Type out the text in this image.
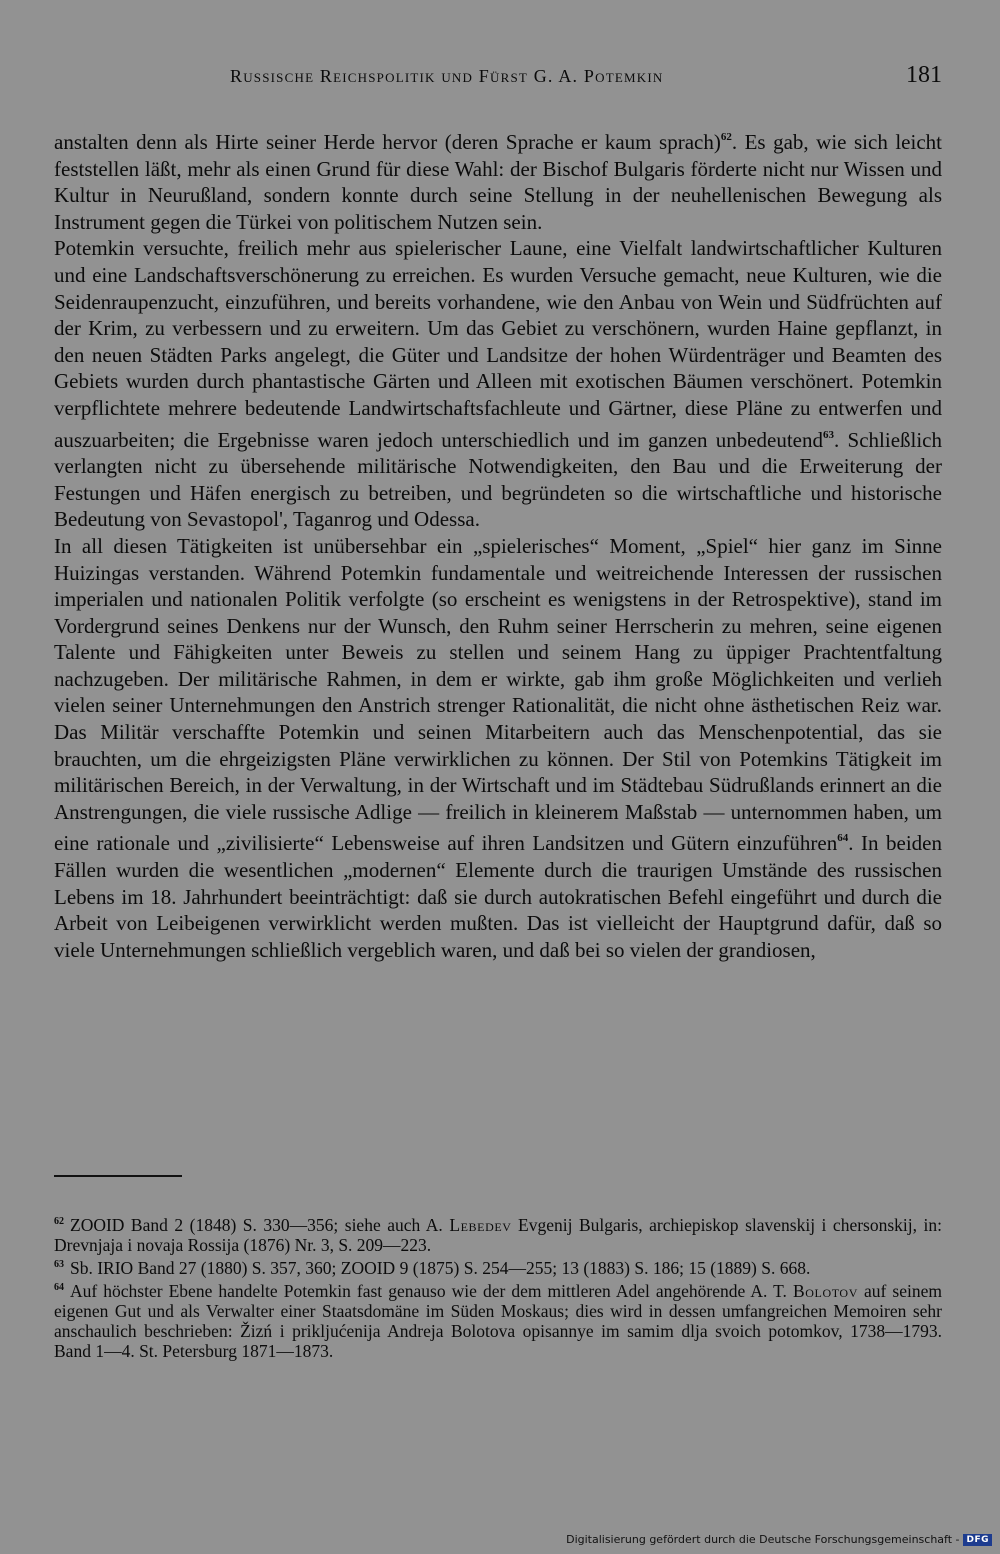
Russische Reichspolitik und Fürst G. A. Potemkin	181

anstalten denn als Hirte seiner Herde hervor (deren Sprache er kaum sprach)$^{62}$. Es gab, wie sich leicht feststellen läßt, mehr als einen Grund für diese Wahl: der Bischof Bulgaris förderte nicht nur Wissen und Kultur in Neurußland, sondern konnte durch seine Stellung in der neuhellenischen Bewegung als Instrument gegen die Türkei von politischem Nutzen sein.

Potemkin versuchte, freilich mehr aus spielerischer Laune, eine Vielfalt landwirtschaftlicher Kulturen und eine Landschaftsverschönerung zu erreichen. Es wurden Versuche gemacht, neue Kulturen, wie die Seidenraupenzucht, einzuführen, und bereits vorhandene, wie den Anbau von Wein und Südfrüchten auf der Krim, zu verbessern und zu erweitern. Um das Gebiet zu verschönern, wurden Haine gepflanzt, in den neuen Städten Parks angelegt, die Güter und Landsitze der hohen Würdenträger und Beamten des Gebiets wurden durch phantastische Gärten und Alleen mit exotischen Bäumen verschönert. Potemkin verpflichtete mehrere bedeutende Landwirtschaftsfachleute und Gärtner, diese Pläne zu entwerfen und auszuarbeiten; die Ergebnisse waren jedoch unterschiedlich und im ganzen unbedeutend$^{63}$. Schließlich verlangten nicht zu übersehende militärische Notwendigkeiten, den Bau und die Erweiterung der Festungen und Häfen energisch zu betreiben, und begründeten so die wirtschaftliche und historische Bedeutung von Sevastopol', Taganrog und Odessa.

In all diesen Tätigkeiten ist unübersehbar ein „spielerisches“ Moment, „Spiel“ hier ganz im Sinne Huizingas verstanden. Während Potemkin fundamentale und weitreichende Interessen der russischen imperialen und nationalen Politik verfolgte (so erscheint es wenigstens in der Retrospektive), stand im Vordergrund seines Denkens nur der Wunsch, den Ruhm seiner Herrscherin zu mehren, seine eigenen Talente und Fähigkeiten unter Beweis zu stellen und seinem Hang zu üppiger Prachtentfaltung nachzugeben. Der militärische Rahmen, in dem er wirkte, gab ihm große Möglichkeiten und verlieh vielen seiner Unternehmungen den Anstrich strenger Rationalität, die nicht ohne ästhetischen Reiz war. Das Militär verschaffte Potemkin und seinen Mitarbeitern auch das Menschenpotential, das sie brauchten, um die ehrgeizigsten Pläne verwirklichen zu können. Der Stil von Potemkins Tätigkeit im militärischen Bereich, in der Verwaltung, in der Wirtschaft und im Städtebau Südrußlands erinnert an die Anstrengungen, die viele russische Adlige — freilich in kleinerem Maßstab — unternommen haben, um eine rationale und „zivilisierte“ Lebensweise auf ihren Landsitzen und Gütern einzuführen$^{64}$. In beiden Fällen wurden die wesentlichen „modernen“ Elemente durch die traurigen Umstände des russischen Lebens im 18. Jahrhundert beeinträchtigt: daß sie durch autokratischen Befehl eingeführt und durch die Arbeit von Leibeigenen verwirklicht werden mußten. Das ist vielleicht der Hauptgrund dafür, daß so viele Unternehmungen schließlich vergeblich waren, und daß bei so vielen der grandiosen,

$^{62}$ ZOOID Band 2 (1848) S. 330—356; siehe auch A. Lebedev Evgenij Bulgaris, archiepiskop slavenskij i chersonskij, in: Drevnjaja i novaja Rossija (1876) Nr. 3, S. 209—223.

$^{63}$ Sb. IRIO Band 27 (1880) S. 357, 360; ZOOID 9 (1875) S. 254—255; 13 (1883) S. 186; 15 (1889) S. 668.

$^{64}$ Auf höchster Ebene handelte Potemkin fast genauso wie der dem mittleren Adel angehörende A. T. Bolotov auf seinem eigenen Gut und als Verwalter einer Staatsdomäne im Süden Moskaus; dies wird in dessen umfangreichen Memoiren sehr anschaulich beschrieben: Žizń i prikljućenija Andreja Bolotova opisannye im samim dlja svoich potomkov, 1738—1793. Band 1—4. St. Petersburg 1871—1873.

Digitalisierung gefördert durch die Deutsche Forschungsgemeinschaft - DFG
